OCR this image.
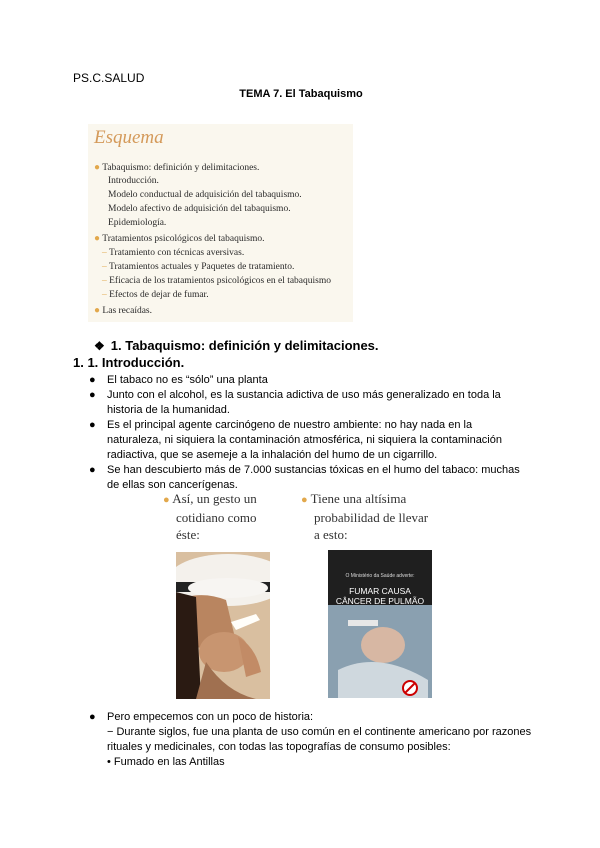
PS.C.SALUD
TEMA 7. El Tabaquismo
Esquema
● Tabaquismo: definición y delimitaciones.
Introducción.
Modelo conductual de adquisición del tabaquismo.
Modelo afectivo de adquisición del tabaquismo.
Epidemiología.
● Tratamientos psicológicos del tabaquismo.
– Tratamiento con técnicas aversivas.
– Tratamientos actuales y Paquetes de tratamiento.
– Eficacia de los tratamientos psicológicos en el tabaquismo
– Efectos de dejar de fumar.
● Las recaídas.
❖ 1. Tabaquismo: definición y delimitaciones.
1. 1. Introducción.

● El tabaco no es “sólo” una planta

● Junto con el alcohol, es la sustancia adictiva de uso más generalizado en toda la historia de la humanidad.

● Es el principal agente carcinógeno de nuestro ambiente: no hay nada en la naturaleza, ni siquiera la contaminación atmosférica, ni siquiera la contaminación radiactiva, que se asemeje a la inhalación del humo de un cigarrillo.

● Se han descubierto más de 7.000 sustancias tóxicas en el humo del tabaco: muchas de ellas son cancerígenas.

● Así, un gesto un
cotidiano como
éste:
● Tiene una altísima
probabilidad de llevar
a esto:
O Ministério da Saúde adverte:
FUMAR CAUSA
CÂNCER DE PULMÃO

● Pero empecemos con un poco de historia:

− Durante siglos, fue una planta de uso común en el continente americano por razones rituales y medicinales, con todas las topografías de consumo posibles:

• Fumado en las Antillas
